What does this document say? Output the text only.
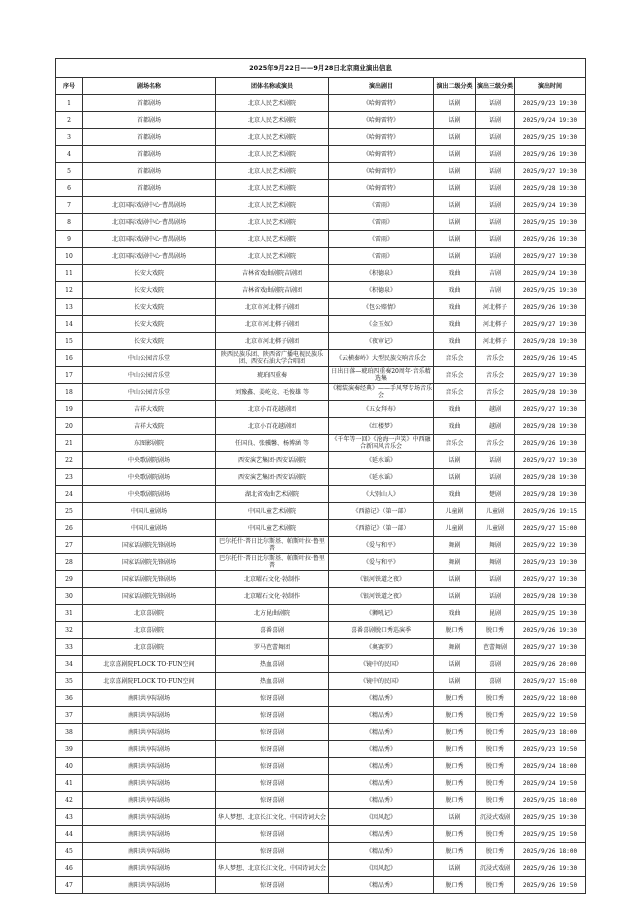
2025年9月22日——9月28日北京商业演出信息						
序号	剧场名称	团体名称或演员	演出剧目	演出二级分类	演出三级分类	演出时间
1	首都剧场	北京人民艺术剧院	《哈姆雷特》	话剧	话剧	2025/9/23 19:30
2	首都剧场	北京人民艺术剧院	《哈姆雷特》	话剧	话剧	2025/9/24 19:30
3	首都剧场	北京人民艺术剧院	《哈姆雷特》	话剧	话剧	2025/9/25 19:30
4	首都剧场	北京人民艺术剧院	《哈姆雷特》	话剧	话剧	2025/9/26 19:30
5	首都剧场	北京人民艺术剧院	《哈姆雷特》	话剧	话剧	2025/9/27 19:30
6	首都剧场	北京人民艺术剧院	《哈姆雷特》	话剧	话剧	2025/9/28 19:30
7	北京国际戏剧中心·曹禺剧场	北京人民艺术剧院	《雷雨》	话剧	话剧	2025/9/24 19:30
8	北京国际戏剧中心·曹禺剧场	北京人民艺术剧院	《雷雨》	话剧	话剧	2025/9/25 19:30
9	北京国际戏剧中心·曹禺剧场	北京人民艺术剧院	《雷雨》	话剧	话剧	2025/9/26 19:30
10	北京国际戏剧中心·曹禺剧场	北京人民艺术剧院	《雷雨》	话剧	话剧	2025/9/27 19:30
11	长安大戏院	吉林省戏曲剧院吉剧团	《积德泉》	戏曲	吉剧	2025/9/24 19:30
12	长安大戏院	吉林省戏曲剧院吉剧团	《积德泉》	戏曲	吉剧	2025/9/25 19:30
13	长安大戏院	北京市河北梆子剧团	《包公赔情》	戏曲	河北梆子	2025/9/26 19:30
14	长安大戏院	北京市河北梆子剧团	《金玉奴》	戏曲	河北梆子	2025/9/27 19:30
15	长安大戏院	北京市河北梆子剧团	《夜审记》	戏曲	河北梆子	2025/9/28 19:30
16	中山公园音乐堂	陕西民族乐团、陕西省广播电视民族乐团、西安石油大学合唱团	《云横秦岭》大型民族交响音乐会	音乐会	音乐会	2025/9/26 19:45
17	中山公园音乐堂	琥珀四重奏	日出日落—琥珀四重奏20周年·音乐精选集	音乐会	音乐会	2025/9/27 19:30
18	中山公园音乐堂	刘豫鑫、姜屹竞、毛俊雄 等	《精装演奏经典》——手风琴专场音乐会	音乐会	音乐会	2025/9/28 19:30
19	吉祥大戏院	北京小百花越剧团	《五女拜寿》	戏曲	越剧	2025/9/27 19:30
20	吉祥大戏院	北京小百花越剧团	《红楼梦》	戏曲	越剧	2025/9/28 19:30
21	东图影剧院	任国良、张骥馨、杨博涵 等	《千年等一回》《沧海一声笑》中西融合新国风音乐会	音乐会	音乐会	2025/9/26 19:30
22	中央歌剧院剧场	西安演艺集团·西安话剧院	《延水谣》	话剧	话剧	2025/9/27 19:30
23	中央歌剧院剧场	西安演艺集团·西安话剧院	《延水谣》	话剧	话剧	2025/9/28 19:30
24	中央歌剧院剧场	湖北省戏曲艺术剧院	《大别山人》	戏曲	楚剧	2025/9/28 19:30
25	中国儿童剧场	中国儿童艺术剧院	《西游记》（第一部）	儿童剧	儿童剧	2025/9/26 19:15
26	中国儿童剧场	中国儿童艺术剧院	《西游记》（第一部）	儿童剧	儿童剧	2025/9/27 15:00
27	国家话剧院先锋剧场	巴尔托什·普日比尔斯基、帕斯叶拉·鲁里普	《爱与和平》	舞剧	舞剧	2025/9/22 19:30
28	国家话剧院先锋剧场	巴尔托什·普日比尔斯基、帕斯叶拉·鲁里普	《爱与和平》	舞剧	舞剧	2025/9/23 19:30
29	国家话剧院先锋剧场	北京曜石文化·勃制作	《银河铁道之夜》	话剧	话剧	2025/9/27 19:30
30	国家话剧院先锋剧场	北京曜石文化·勃制作	《银河铁道之夜》	话剧	话剧	2025/9/28 19:30
31	北京喜剧院	北方昆曲剧院	《狮吼记》	戏曲	昆剧	2025/9/25 19:30
32	北京喜剧院	喜番喜剧	喜番喜剧脱口秀巡演季	脱口秀	脱口秀	2025/9/26 19:30
33	北京喜剧院	罗马芭蕾舞团	《奥赛罗》	舞剧	芭蕾舞剧	2025/9/27 19:30
34	北京喜剧院FLOCK TO·FUN空间	热血喜剧	《镜中的民国》	话剧	喜剧	2025/9/26 20:00
35	北京喜剧院FLOCK TO·FUN空间	热血喜剧	《镜中的民国》	话剧	喜剧	2025/9/27 15:00
36	南阳共享际剧场	惊讶喜剧	《精品秀》	脱口秀	脱口秀	2025/9/22 18:00
37	南阳共享际剧场	惊讶喜剧	《精品秀》	脱口秀	脱口秀	2025/9/22 19:50
38	南阳共享际剧场	惊讶喜剧	《精品秀》	脱口秀	脱口秀	2025/9/23 18:00
39	南阳共享际剧场	惊讶喜剧	《精品秀》	脱口秀	脱口秀	2025/9/23 19:50
40	南阳共享际剧场	惊讶喜剧	《精品秀》	脱口秀	脱口秀	2025/9/24 18:00
41	南阳共享际剧场	惊讶喜剧	《精品秀》	脱口秀	脱口秀	2025/9/24 19:50
42	南阳共享际剧场	惊讶喜剧	《精品秀》	脱口秀	脱口秀	2025/9/25 18:00
43	南阳共享际剧场	华人梦想、北京长江文化、中国诗词大会	《因风起》	话剧	沉浸式戏剧	2025/9/25 19:30
44	南阳共享际剧场	惊讶喜剧	《精品秀》	脱口秀	脱口秀	2025/9/25 19:50
45	南阳共享际剧场	惊讶喜剧	《精品秀》	脱口秀	脱口秀	2025/9/26 18:00
46	南阳共享际剧场	华人梦想、北京长江文化、中国诗词大会	《因风起》	话剧	沉浸式戏剧	2025/9/26 19:30
47	南阳共享际剧场	惊讶喜剧	《精品秀》	脱口秀	脱口秀	2025/9/26 19:50
